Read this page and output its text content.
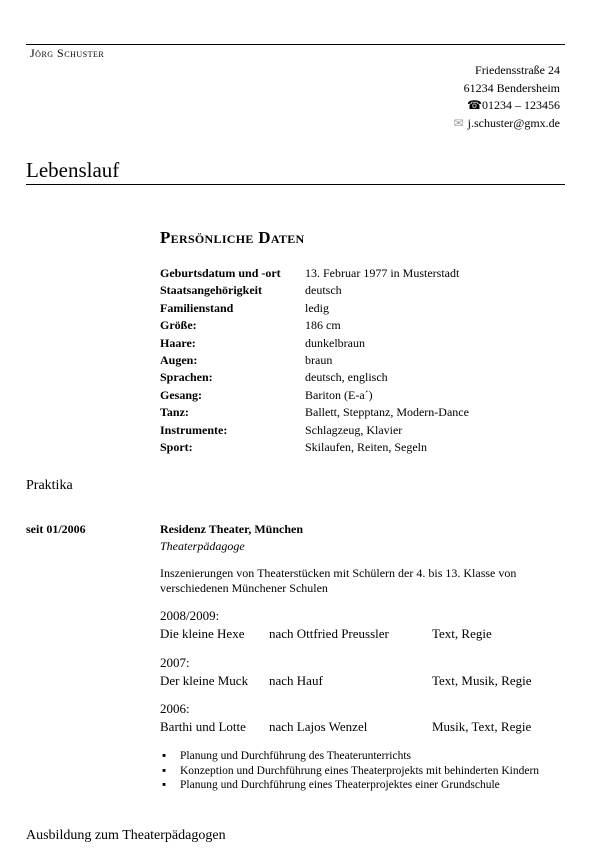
Jörg Schuster
Friedensstraße 24
61234 Bendersheim
☎01234 – 123456
✉ j.schuster@gmx.de
Lebenslauf
Persönliche Daten
Geburtsdatum und -ort	13. Februar 1977 in Musterstadt
Staatsangehörigkeit	deutsch
Familienstand	ledig
Größe:	186 cm
Haare:	dunkelbraun
Augen:	braun
Sprachen:	deutsch, englisch
Gesang:	Bariton (E-a´)
Tanz:	Ballett, Stepptanz, Modern-Dance
Instrumente:	Schlagzeug, Klavier
Sport:	Skilaufen, Reiten, Segeln
Praktika
seit 01/2006	Residenz Theater, München
Theaterpädagoge
Inszenierungen von Theaterstücken mit Schülern der 4. bis 13. Klasse von verschiedenen Münchener Schulen
2008/2009:
Die kleine Hexe nach Ottfried Preussler	Text, Regie
2007:
Der kleine Muck nach Hauf	Text, Musik, Regie
2006:
Barthi und Lotte nach Lajos Wenzel	Musik, Text, Regie
▪ Planung und Durchführung des Theaterunterrichts
▪ Konzeption und Durchführung eines Theaterprojekts mit behinderten Kindern
▪ Planung und Durchführung eines Theaterprojektes einer Grundschule
Ausbildung zum Theaterpädagogen
